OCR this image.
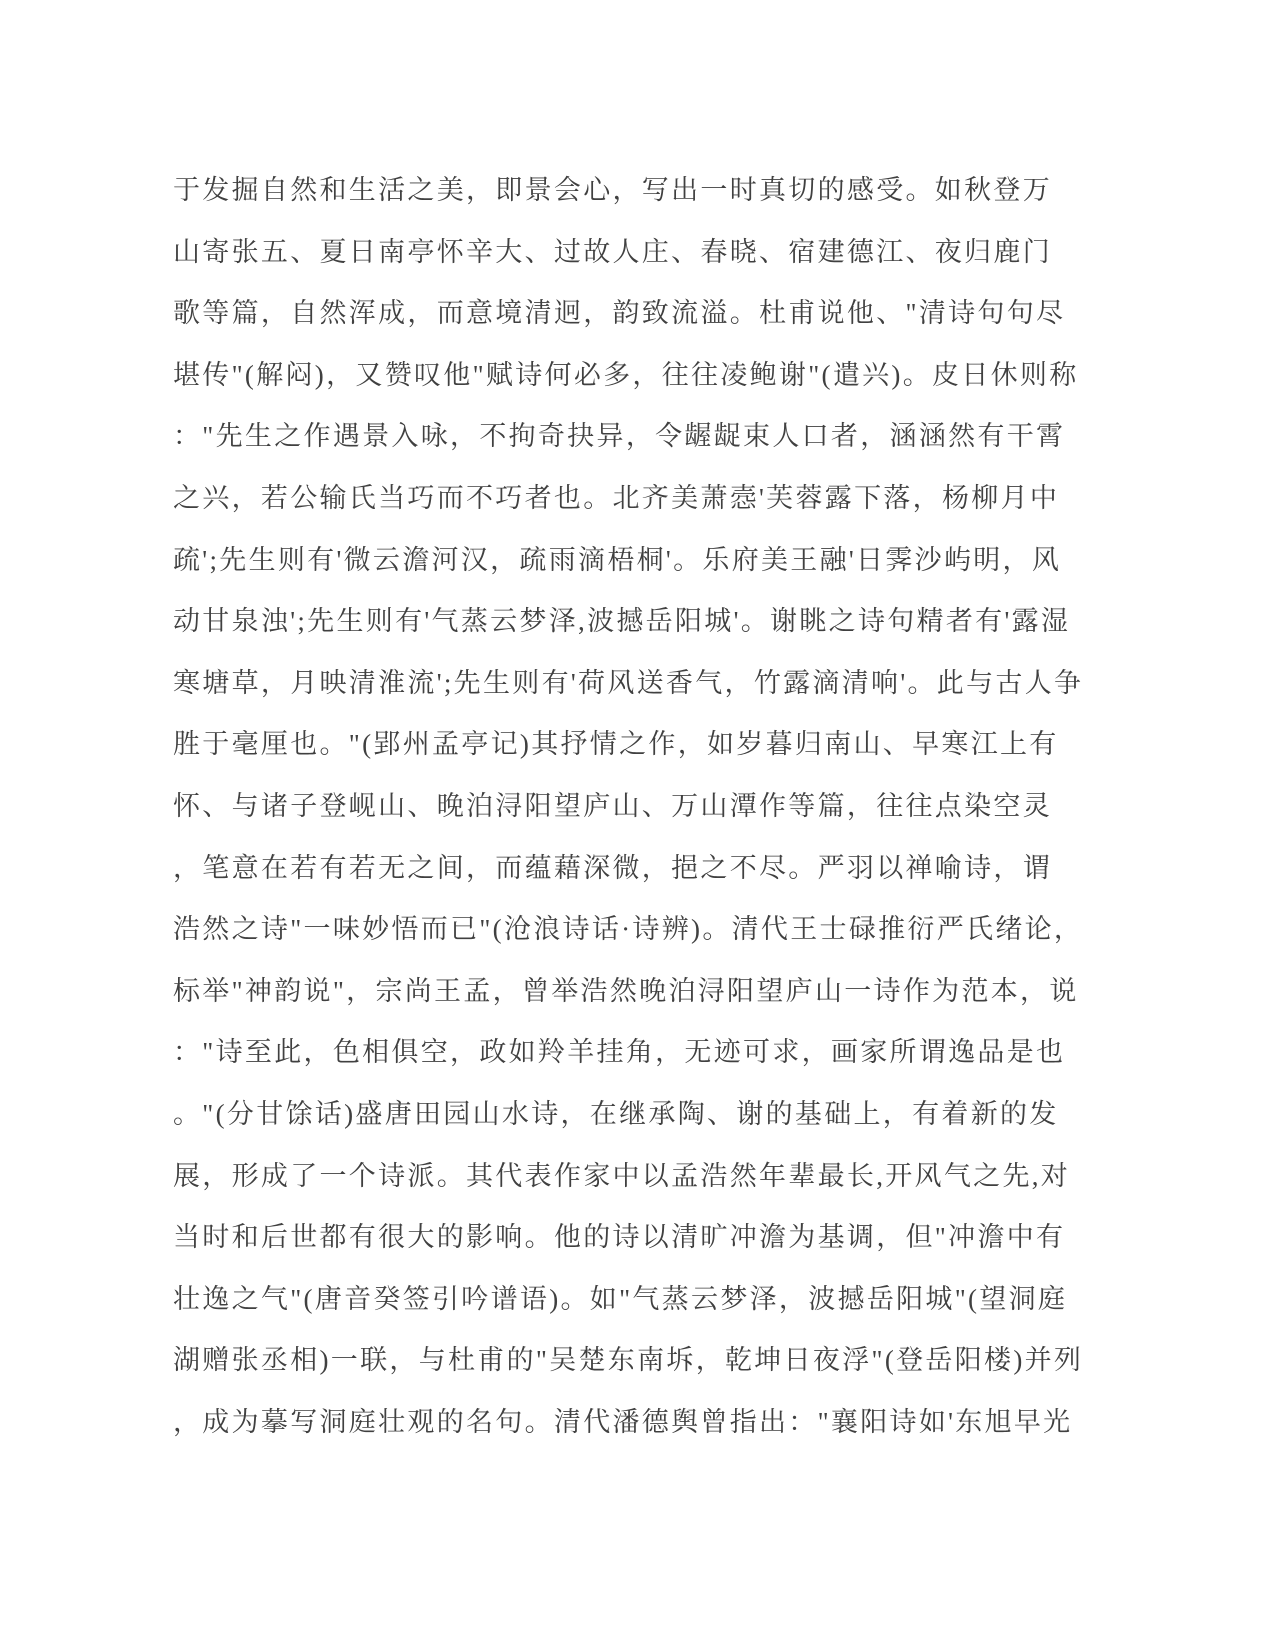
于发掘自然和生活之美，即景会心，写出一时真切的感受。如秋登万

山寄张五、夏日南亭怀辛大、过故人庄、春晓、宿建德江、夜归鹿门

歌等篇，自然浑成，而意境清迥，韵致流溢。杜甫说他、"清诗句句尽

堪传"(解闷)，又赞叹他"赋诗何必多，往往凌鲍谢"(遣兴)。皮日休则称

："先生之作遇景入咏，不拘奇抉异，令龌龊束人口者，涵涵然有干霄

之兴，若公输氏当巧而不巧者也。北齐美萧悫'芙蓉露下落，杨柳月中

疏';先生则有'微云澹河汉，疏雨滴梧桐'。乐府美王融'日霁沙屿明，风

动甘泉浊';先生则有'气蒸云梦泽,波撼岳阳城'。谢眺之诗句精者有'露湿

寒塘草，月映清淮流';先生则有'荷风送香气，竹露滴清响'。此与古人争

胜于毫厘也。"(郢州孟亭记)其抒情之作，如岁暮归南山、早寒江上有

怀、与诸子登岘山、晚泊浔阳望庐山、万山潭作等篇，往往点染空灵

，笔意在若有若无之间，而蕴藉深微，挹之不尽。严羽以禅喻诗，谓

浩然之诗"一味妙悟而已"(沧浪诗话·诗辨)。清代王士碌推衍严氏绪论，

标举"神韵说"，宗尚王孟，曾举浩然晚泊浔阳望庐山一诗作为范本，说

："诗至此，色相俱空，政如羚羊挂角，无迹可求，画家所谓逸品是也

。"(分甘馀话)盛唐田园山水诗，在继承陶、谢的基础上，有着新的发

展，形成了一个诗派。其代表作家中以孟浩然年辈最长,开风气之先,对

当时和后世都有很大的影响。他的诗以清旷冲澹为基调，但"冲澹中有

壮逸之气"(唐音癸签引吟谱语)。如"气蒸云梦泽，波撼岳阳城"(望洞庭

湖赠张丞相)一联，与杜甫的"吴楚东南坼，乾坤日夜浮"(登岳阳楼)并列

，成为摹写洞庭壮观的名句。清代潘德舆曾指出："襄阳诗如'东旭早光
